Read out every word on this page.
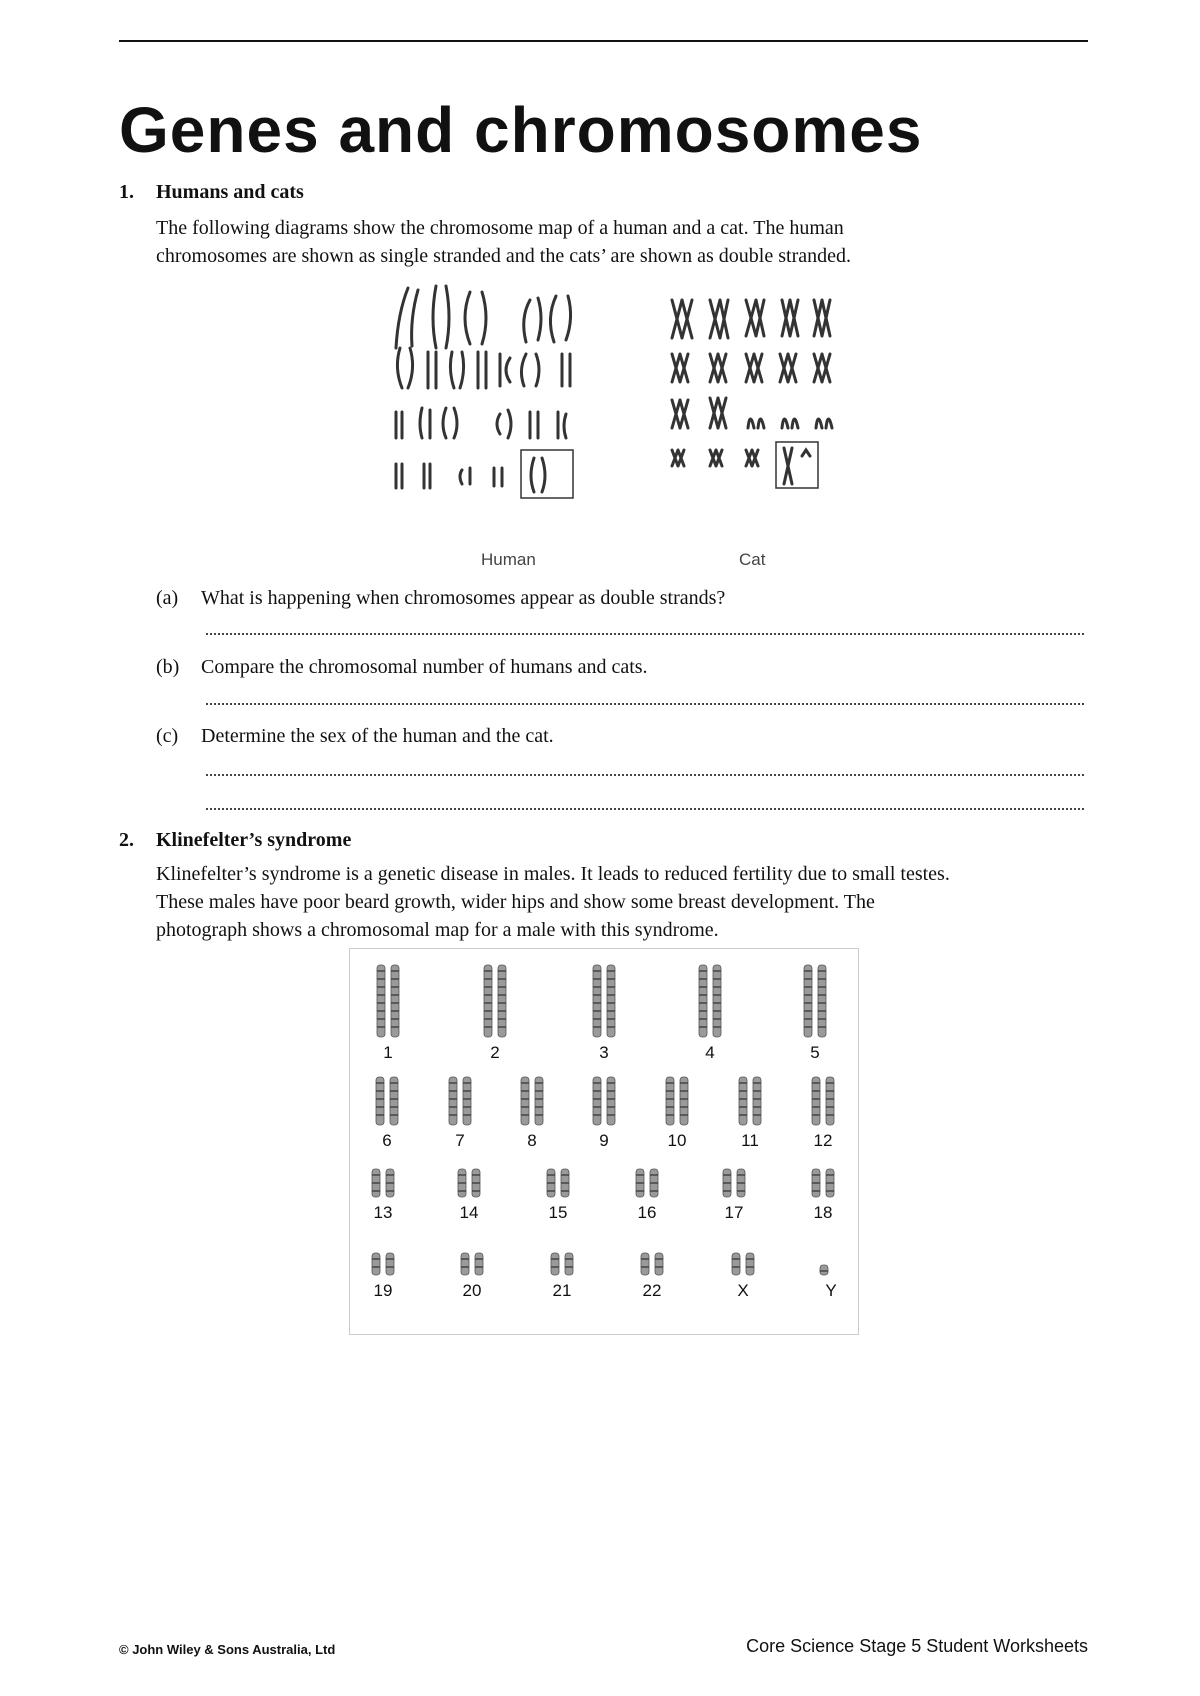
Genes and chromosomes
1. Humans and cats
The following diagrams show the chromosome map of a human and a cat. The human
chromosomes are shown as single stranded and the cats’ are shown as double stranded.
Human	Cat
(a) What is happening when chromosomes appear as double strands?
(b) Compare the chromosomal number of humans and cats.
(c) Determine the sex of the human and the cat.
2. Klinefelter’s syndrome
Klinefelter’s syndrome is a genetic disease in males. It leads to reduced fertility due to small testes.
These males have poor beard growth, wider hips and show some breast development. The
photograph shows a chromosomal map for a male with this syndrome.
1	2	3	4	5
6	7	8	9	10	11	12
13	14	15	16	17	18
19	20	21	22	X	Y
© John Wiley & Sons Australia, Ltd	Core Science Stage 5 Student Worksheets
